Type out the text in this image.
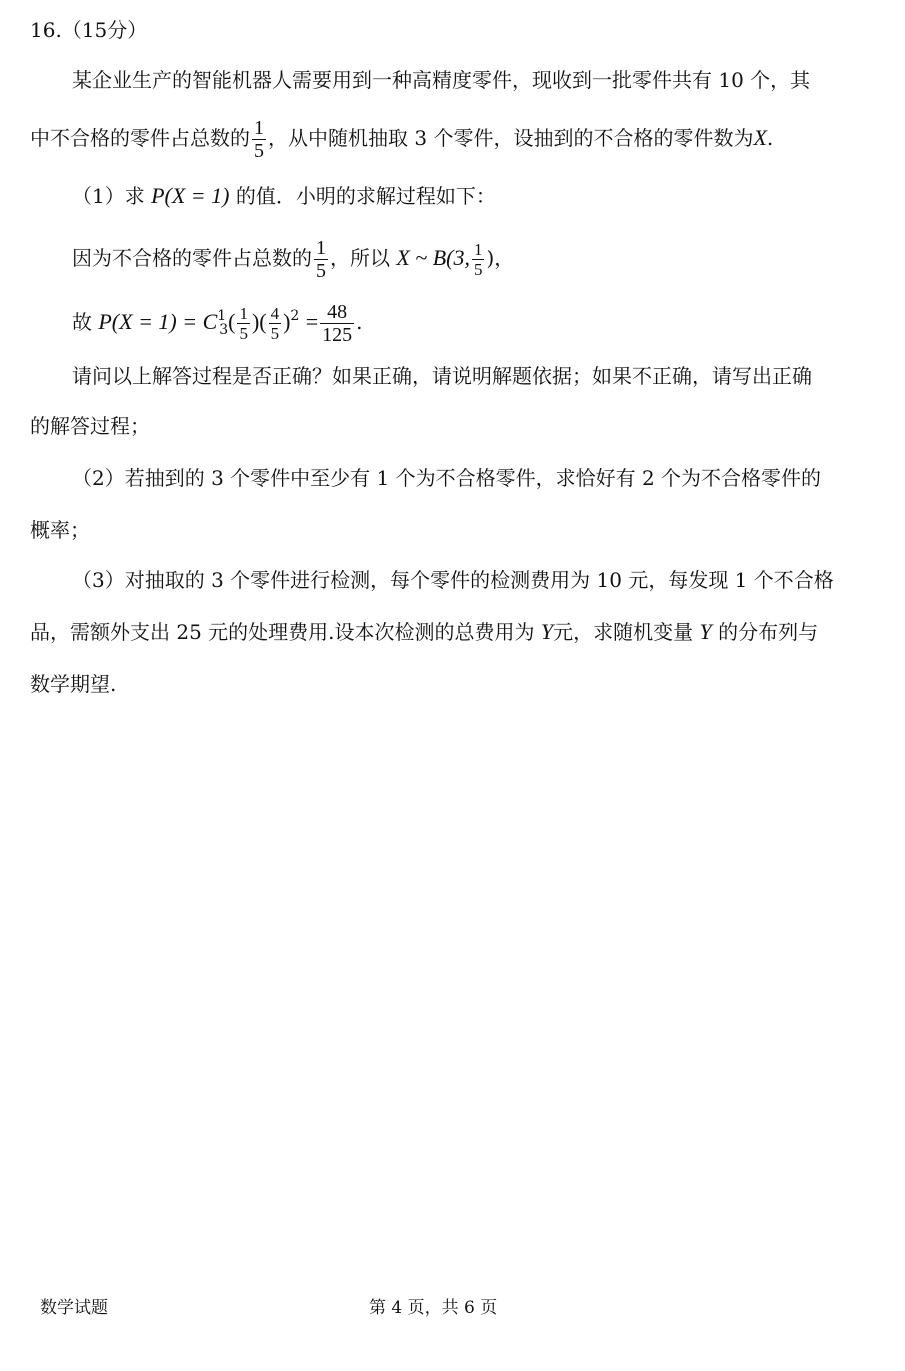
16.（15分）
某企业生产的智能机器人需要用到一种高精度零件，现收到一批零件共有 10 个，其
中不合格的零件占总数的 $\frac{1}{5}$ ，从中随机抽取 3 个零件，设抽到的不合格的零件数为X.
（1）求 P(X = 1) 的值．小明的求解过程如下：
因为不合格的零件占总数的 $\frac{1}{5}$ ，所以 X ~ B(3, $\frac{1}{5}$ )，
故 $P(X = 1) = C^1_3( \frac{1}{5}$ )( $\frac{4}{5} )^2 = \frac{48}{125}$ .
请问以上解答过程是否正确？如果正确，请说明解题依据；如果不正确，请写出正确
的解答过程；
（2）若抽到的 3 个零件中至少有 1 个为不合格零件，求恰好有 2 个为不合格零件的
概率；
（3）对抽取的 3 个零件进行检测，每个零件的检测费用为 10 元，每发现 1 个不合格
品，需额外支出 25 元的处理费用.设本次检测的总费用为 Y元，求随机变量 Y 的分布列与
数学期望.
数学试题	第 4 页，共 6 页
